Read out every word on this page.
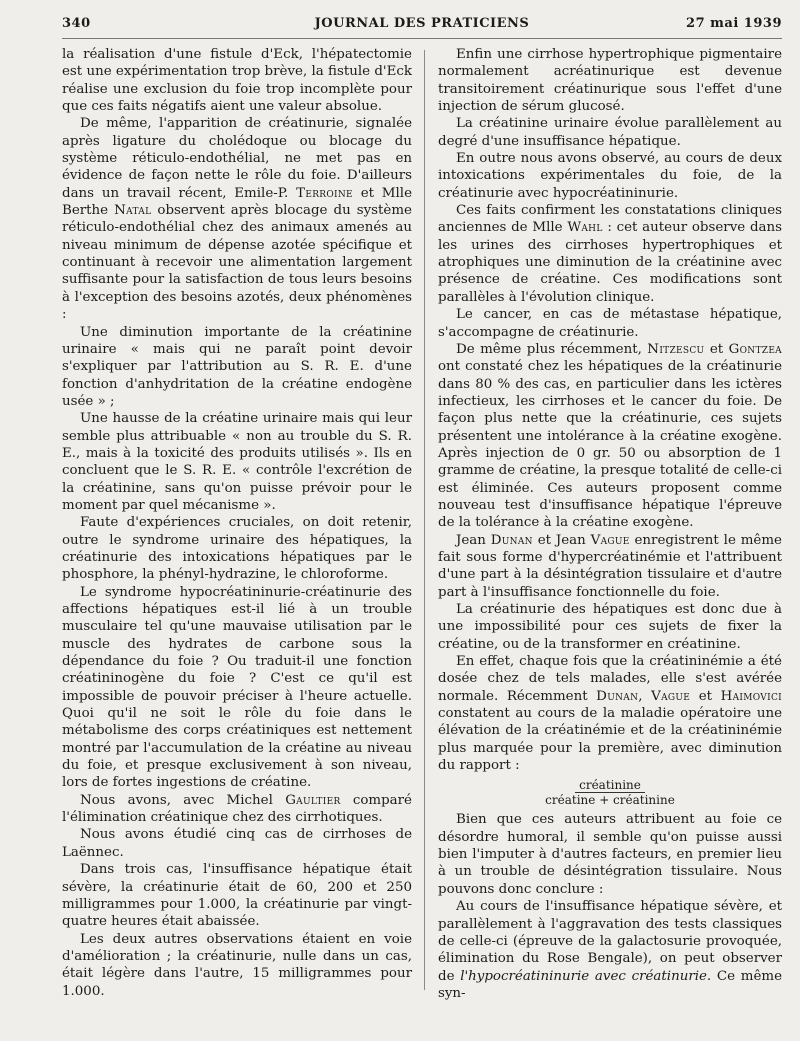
340	JOURNAL DES PRATICIENS	27 mai 1939

la réalisation d'une fistule d'Eck, l'hépatectomie est une expérimentation trop brève, la fistule d'Eck réalise une exclusion du foie trop incomplète pour que ces faits négatifs aient une valeur absolue.

De même, l'apparition de créatinurie, signalée après ligature du cholédoque ou blocage du système réticulo-endothélial, ne met pas en évidence de façon nette le rôle du foie. D'ailleurs dans un travail récent, Emile-P. Terroine et Mlle Berthe Natal observent après blocage du système réticulo-endothélial chez des animaux amenés au niveau minimum de dépense azotée spécifique et continuant à recevoir une alimentation largement suffisante pour la satisfaction de tous leurs besoins à l'exception des besoins azotés, deux phénomènes :

Une diminution importante de la créatinine urinaire « mais qui ne paraît point devoir s'expliquer par l'attribution au S. R. E. d'une fonction d'anhydritation de la créatine endogène usée » ;

Une hausse de la créatine urinaire mais qui leur semble plus attribuable « non au trouble du S. R. E., mais à la toxicité des produits utilisés ». Ils en concluent que le S. R. E. « contrôle l'excrétion de la créatinine, sans qu'on puisse prévoir pour le moment par quel mécanisme ».

Faute d'expériences cruciales, on doit retenir, outre le syndrome urinaire des hépatiques, la créatinurie des intoxications hépatiques par le phosphore, la phényl-hydrazine, le chloroforme.

Le syndrome hypocréatininurie-créatinurie des affections hépatiques est-il lié à un trouble musculaire tel qu'une mauvaise utilisation par le muscle des hydrates de carbone sous la dépendance du foie ? Ou traduit-il une fonction créatininogène du foie ? C'est ce qu'il est impossible de pouvoir préciser à l'heure actuelle. Quoi qu'il ne soit le rôle du foie dans le métabolisme des corps créatiniques est nettement montré par l'accumulation de la créatine au niveau du foie, et presque exclusivement à son niveau, lors de fortes ingestions de créatine.

Nous avons, avec Michel Gaultier comparé l'élimination créatinique chez des cirrhotiques.

Nous avons étudié cinq cas de cirrhoses de Laënnec.

Dans trois cas, l'insuffisance hépatique était sévère, la créatinurie était de 60, 200 et 250 milligrammes pour 1.000, la créatinurie par vingt-quatre heures était abaissée.

Les deux autres observations étaient en voie d'amélioration ; la créatinurie, nulle dans un cas, était légère dans l'autre, 15 milligrammes pour 1.000.

Enfin une cirrhose hypertrophique pigmentaire normalement acréatinurique est devenue transitoirement créatinurique sous l'effet d'une injection de sérum glucosé.

La créatinine urinaire évolue parallèlement au degré d'une insuffisance hépatique.

En outre nous avons observé, au cours de deux intoxications expérimentales du foie, de la créatinurie avec hypocréatininurie.

Ces faits confirment les constatations cliniques anciennes de Mlle Wahl : cet auteur observe dans les urines des cirrhoses hypertrophiques et atrophiques une diminution de la créatinine avec présence de créatine. Ces modifications sont parallèles à l'évolution clinique.

Le cancer, en cas de métastase hépatique, s'accompagne de créatinurie.

De même plus récemment, Nitzescu et Gontzea ont constaté chez les hépatiques de la créatinurie dans 80 % des cas, en particulier dans les ictères infectieux, les cirrhoses et le cancer du foie. De façon plus nette que la créatinurie, ces sujets présentent une intolérance à la créatine exogène. Après injection de 0 gr. 50 ou absorption de 1 gramme de créatine, la presque totalité de celle-ci est éliminée. Ces auteurs proposent comme nouveau test d'insuffisance hépatique l'épreuve de la tolérance à la créatine exogène.

Jean Dunan et Jean Vague enregistrent le même fait sous forme d'hypercréatinémie et l'attribuent d'une part à la désintégration tissulaire et d'autre part à l'insuffisance fonctionnelle du foie.

La créatinurie des hépatiques est donc due à une impossibilité pour ces sujets de fixer la créatine, ou de la transformer en créatinine.

En effet, chaque fois que la créatininémie a été dosée chez de tels malades, elle s'est avérée normale. Récemment Dunan, Vague et Haimovici constatent au cours de la maladie opératoire une élévation de la créatinémie et de la créatininémie plus marquée pour la première, avec diminution du rapport :

créatinine
créatine + créatinine

Bien que ces auteurs attribuent au foie ce désordre humoral, il semble qu'on puisse aussi bien l'imputer à d'autres facteurs, en premier lieu à un trouble de désintégration tissulaire. Nous pouvons donc conclure :

Au cours de l'insuffisance hépatique sévère, et parallèlement à l'aggravation des tests classiques de celle-ci (épreuve de la galactosurie provoquée, élimination du Rose Bengale), on peut observer de l'hypocréatininurie avec créatinurie. Ce même syn-
